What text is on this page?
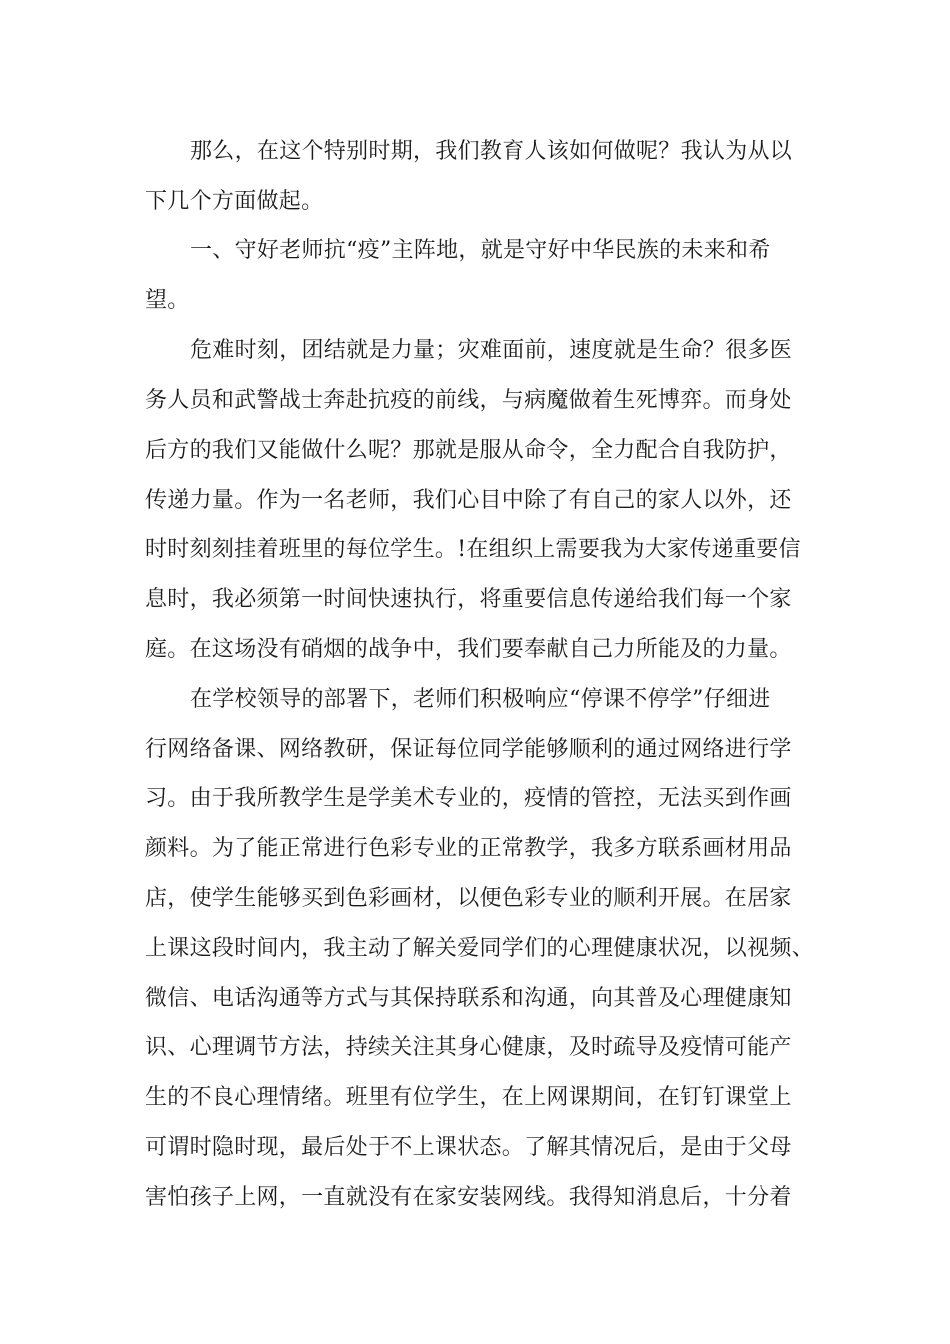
那么，在这个特别时期，我们教育人该如何做呢？我认为从以
下几个方面做起。
一、守好老师抗“疫”主阵地，就是守好中华民族的未来和希
望。
危难时刻，团结就是力量；灾难面前，速度就是生命？很多医
务人员和武警战士奔赴抗疫的前线，与病魔做着生死博弈。而身处
后方的我们又能做什么呢？那就是服从命令，全力配合自我防护，
传递力量。作为一名老师，我们心目中除了有自己的家人以外，还
时时刻刻挂着班里的每位学生。!在组织上需要我为大家传递重要信
息时，我必须第一时间快速执行，将重要信息传递给我们每一个家
庭。在这场没有硝烟的战争中，我们要奉献自己力所能及的力量。
在学校领导的部署下，老师们积极响应“停课不停学”仔细进
行网络备课、网络教研，保证每位同学能够顺利的通过网络进行学
习。由于我所教学生是学美术专业的，疫情的管控，无法买到作画
颜料。为了能正常进行色彩专业的正常教学，我多方联系画材用品
店，使学生能够买到色彩画材，以便色彩专业的顺利开展。在居家
上课这段时间内，我主动了解关爱同学们的心理健康状况，以视频、
微信、电话沟通等方式与其保持联系和沟通，向其普及心理健康知
识、心理调节方法，持续关注其身心健康，及时疏导及疫情可能产
生的不良心理情绪。班里有位学生，在上网课期间，在钉钉课堂上
可谓时隐时现，最后处于不上课状态。了解其情况后，是由于父母
害怕孩子上网，一直就没有在家安装网线。我得知消息后，十分着
